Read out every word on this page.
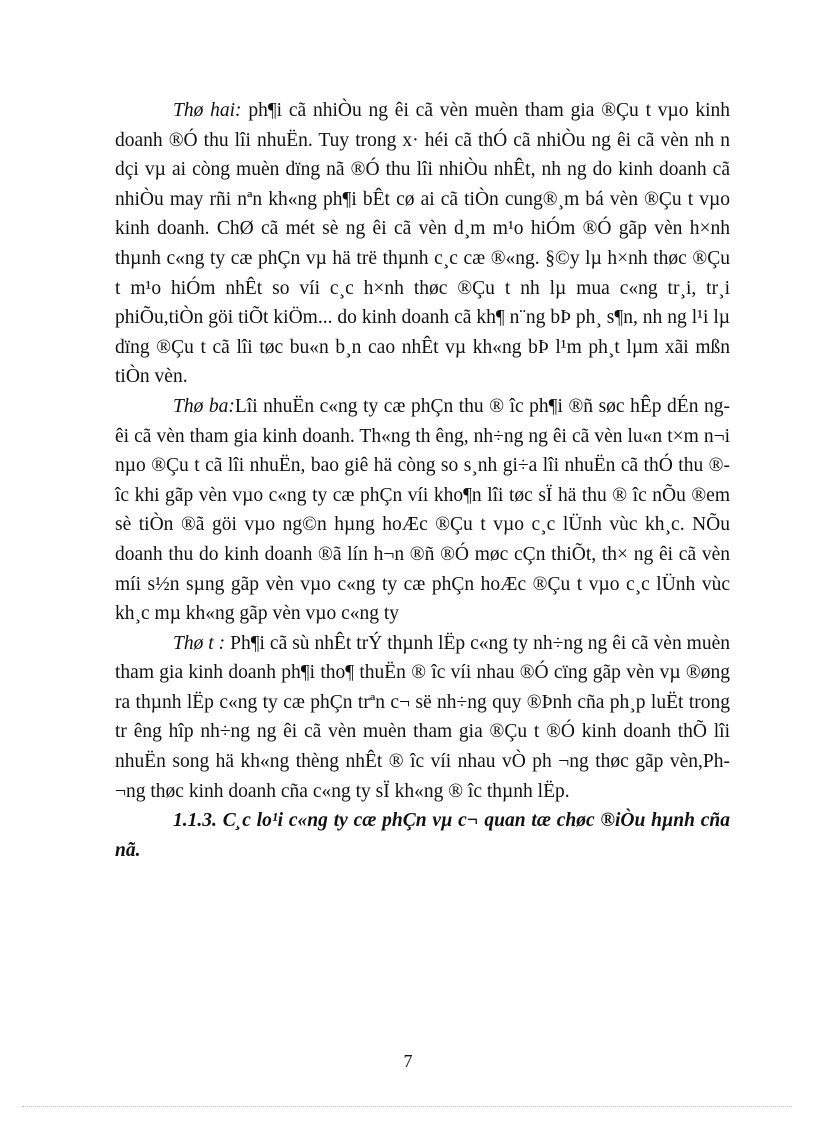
Thø hai: ph¶i cã nhiÒu ng êi cã vèn muèn tham gia ®Çu t vµo kinh doanh ®Ó thu lîi nhuËn. Tuy trong x· héi cã thÓ cã nhiÒu ng êi cã vèn nh n dçi vµ ai còng muèn dïng nã ®Ó thu lîi nhiÒu nhÊt, nh ng do kinh doanh cã nhiÒu may rñi nªn kh«ng ph¶i bÊt cø ai cã tiÒn cung®¸m bá vèn ®Çu t vµo kinh doanh. ChØ cã mét sè ng êi cã vèn d¸m m¹o hiÓm ®Ó gãp vèn h×nh thµnh c«ng ty cæ phÇn vµ hä trë thµnh c¸c cæ ®«ng. §©y lµ h×nh thøc ®Çu t m¹o hiÓm nhÊt so víi c¸c h×nh thøc ®Çu t nh lµ mua c«ng tr¸i, tr¸i phiÕu,tiÒn göi tiÕt kiÖm... do kinh doanh cã kh¶ n¨ng bÞ ph¸ s¶n, nh ng l¹i lµ dïng ®Çu t cã lîi tøc bu«n b¸n cao nhÊt vµ kh«ng bÞ l¹m ph¸t lµm xãi mßn tiÒn vèn.

Thø ba:Lîi nhuËn c«ng ty cæ phÇn thu ® îc ph¶i ®ñ søc hÊp dÉn ng êi cã vèn tham gia kinh doanh. Th«ng th êng, nh÷ng ng êi cã vèn lu«n t×m n¬i nµo ®Çu t cã lîi nhuËn, bao giê hä còng so s¸nh gi÷a lîi nhuËn cã thÓ thu ® îc khi gãp vèn vµo c«ng ty cæ phÇn víi kho¶n lîi tøc sÏ hä thu ® îc nÕu ®em sè tiÒn ®ã göi vµo ng©n hµng hoÆc ®Çu t vµo c¸c lÜnh vùc kh¸c. NÕu doanh thu do kinh doanh ®ã lín h¬n ®ñ ®Ó møc cÇn thiÕt, th× ng êi cã vèn míi s½n sµng gãp vèn vµo c«ng ty cæ phÇn hoÆc ®Çu t vµo c¸c lÜnh vùc kh¸c mµ kh«ng gãp vèn vµo c«ng ty

Thø t : Ph¶i cã sù nhÊt trÝ thµnh lËp c«ng ty nh÷ng ng êi cã vèn muèn tham gia kinh doanh ph¶i tho¶ thuËn ® îc víi nhau ®Ó cïng gãp vèn vµ ®øng ra thµnh lËp c«ng ty cæ phÇn trªn c¬ së nh÷ng quy ®Þnh cña ph¸p luËt trong tr êng hîp nh÷ng ng êi cã vèn muèn tham gia ®Çu t ®Ó kinh doanh thÕ lîi nhuËn song hä kh«ng thèng nhÊt ® îc víi nhau vÒ ph ¬ng thøc gãp vèn,Ph ¬ng thøc kinh doanh cña c«ng ty sÏ kh«ng ® îc thµnh lËp.

1.1.3. C¸c lo¹i c«ng ty cæ phÇn vµ c¬ quan tæ chøc ®iÒu hµnh cña nã.

7
